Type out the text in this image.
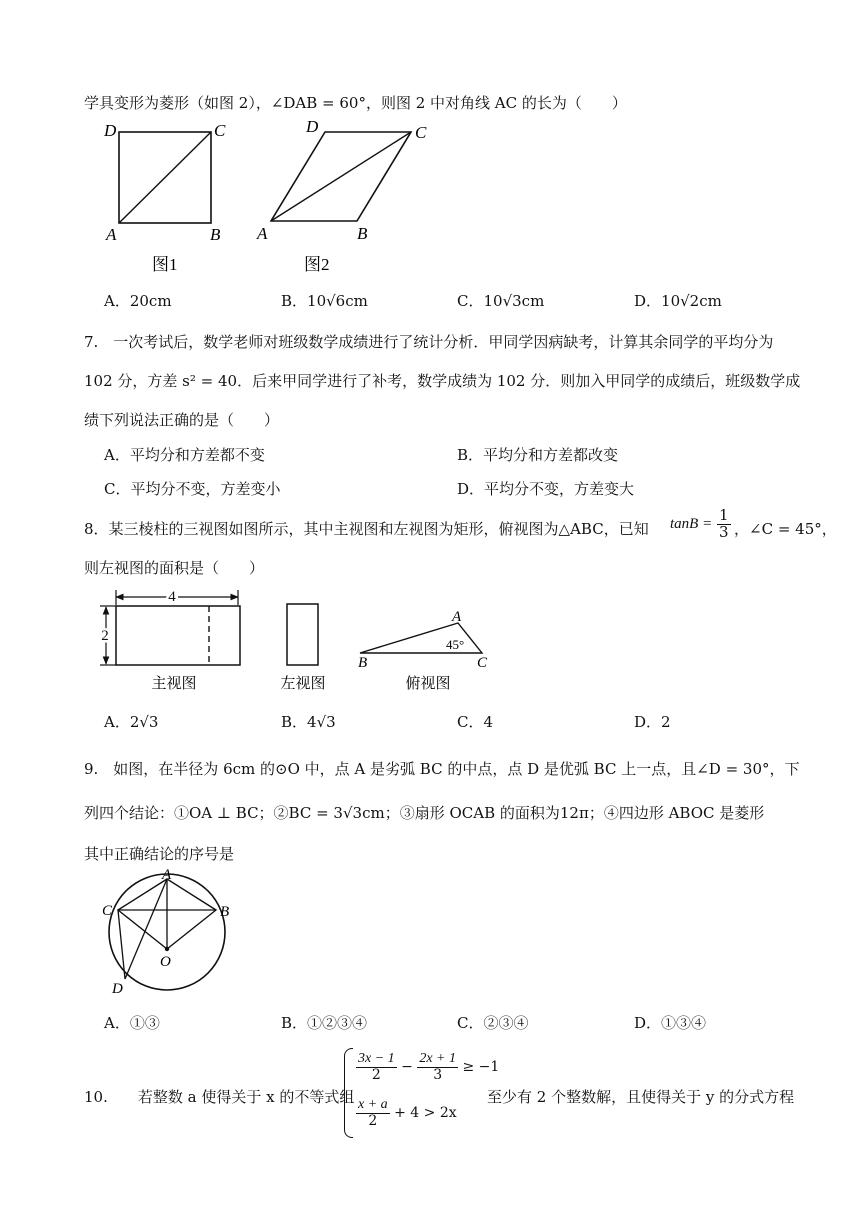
学具变形为菱形（如图 2），∠DAB = 60°，则图 2 中对角线 AC 的长为（　　）
D	C
A	B
图1
D	C
A	B
图2
A．20cm	B．10√6cm	C．10√3cm	D．10√2cm
7.　一次考试后，数学老师对班级数学成绩进行了统计分析．甲同学因病缺考，计算其余同学的平均分为
102 分，方差 s² = 40．后来甲同学进行了补考，数学成绩为 102 分．则加入甲同学的成绩后，班级数学成
绩下列说法正确的是（　　）
A．平均分和方差都不变	B．平均分和方差都改变
C．平均分不变，方差变小	D．平均分不变，方差变大
8．某三棱柱的三视图如图所示，其中主视图和左视图为矩形，俯视图为△ABC，已知 $\tan B = \frac{1}{3}$ ，∠C = 45°，
则左视图的面积是（　　）
4
2
主视图	左视图
A
B	C
45°
俯视图
A．2√3	B．4√3	C．4	D．2
9.　如图，在半径为 6cm 的⊙O 中，点 A 是劣弧 BC 的中点，点 D 是优弧 BC 上一点，且∠D = 30°，下
列四个结论：①OA ⊥ BC；②BC = 3√3cm；③扇形 OCAB 的面积为12π；④四边形 ABOC 是菱形
其中正确结论的序号是
A
B
C
D
O
A．①③	B．①②③④	C．②③④	D．①③④
10.　　若整数 a 使得关于 x 的不等式组
$\frac{3x - 1}{2} - \frac{2x + 1}{3} \ge -1$
$\frac{x + a}{2} + 4 > 2x$
至少有 2 个整数解，且使得关于 y 的分式方程
